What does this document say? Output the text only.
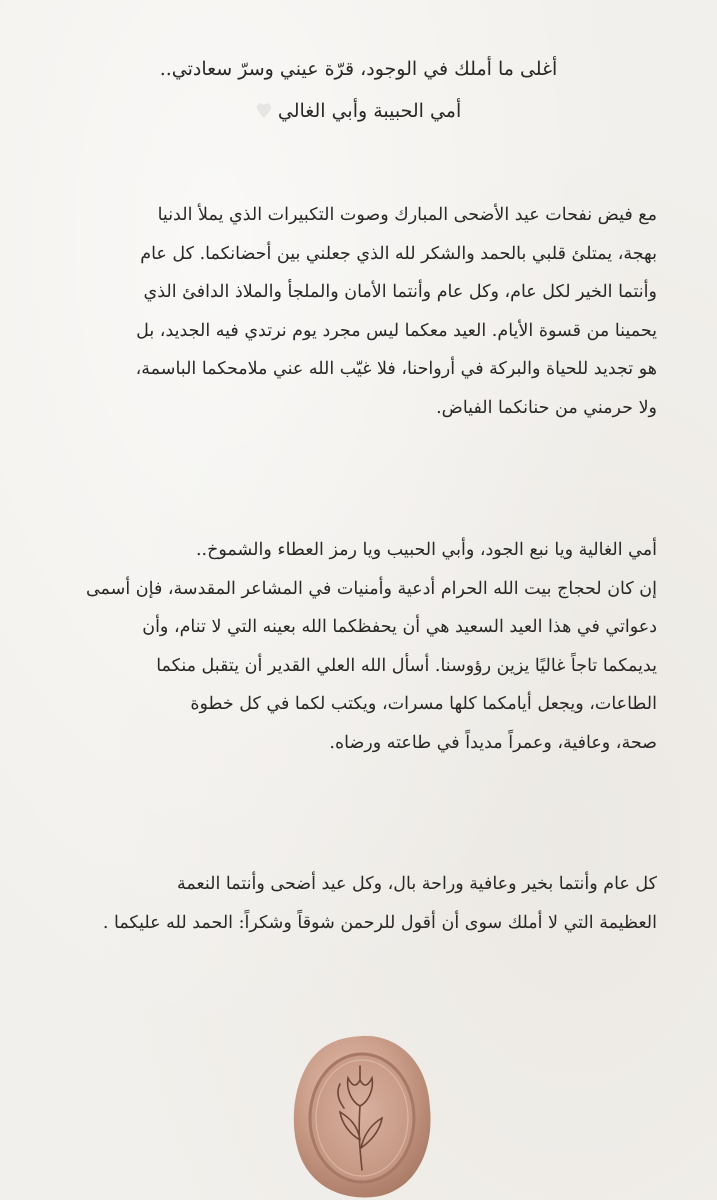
أغلى ما أملك في الوجود، قرّة عيني وسرّ سعادتي..

أمي الحبيبة وأبي الغالي♥

مع فيض نفحات عيد الأضحى المبارك وصوت التكبيرات الذي يملأ الدنيا
بهجة، يمتلئ قلبي بالحمد والشكر لله الذي جعلني بين أحضانكما. كل عام
وأنتما الخير لكل عام، وكل عام وأنتما الأمان والملجأ والملاذ الدافئ الذي
يحمينا من قسوة الأيام. العيد معكما ليس مجرد يوم نرتدي فيه الجديد، بل
هو تجديد للحياة والبركة في أرواحنا، فلا غيّب الله عني ملامحكما الباسمة،
ولا حرمني من حنانكما الفياض.
أمي الغالية ويا نبع الجود، وأبي الحبيب ويا رمز العطاء والشموخ..
إن كان لحجاج بيت الله الحرام أدعية وأمنيات في المشاعر المقدسة، فإن أسمى
دعواتي في هذا العيد السعيد هي أن يحفظكما الله بعينه التي لا تنام، وأن
يديمكما تاجاً غاليًا يزين رؤوسنا. أسأل الله العلي القدير أن يتقبل منكما
الطاعات، ويجعل أيامكما كلها مسرات، ويكتب لكما في كل خطوة
صحة، وعافية، وعمراً مديداً في طاعته ورضاه.
كل عام وأنتما بخير وعافية وراحة بال، وكل عيد أضحى وأنتما النعمة
العظيمة التي لا أملك سوى أن أقول للرحمن شوقاً وشكراً: الحمد لله عليكما .
